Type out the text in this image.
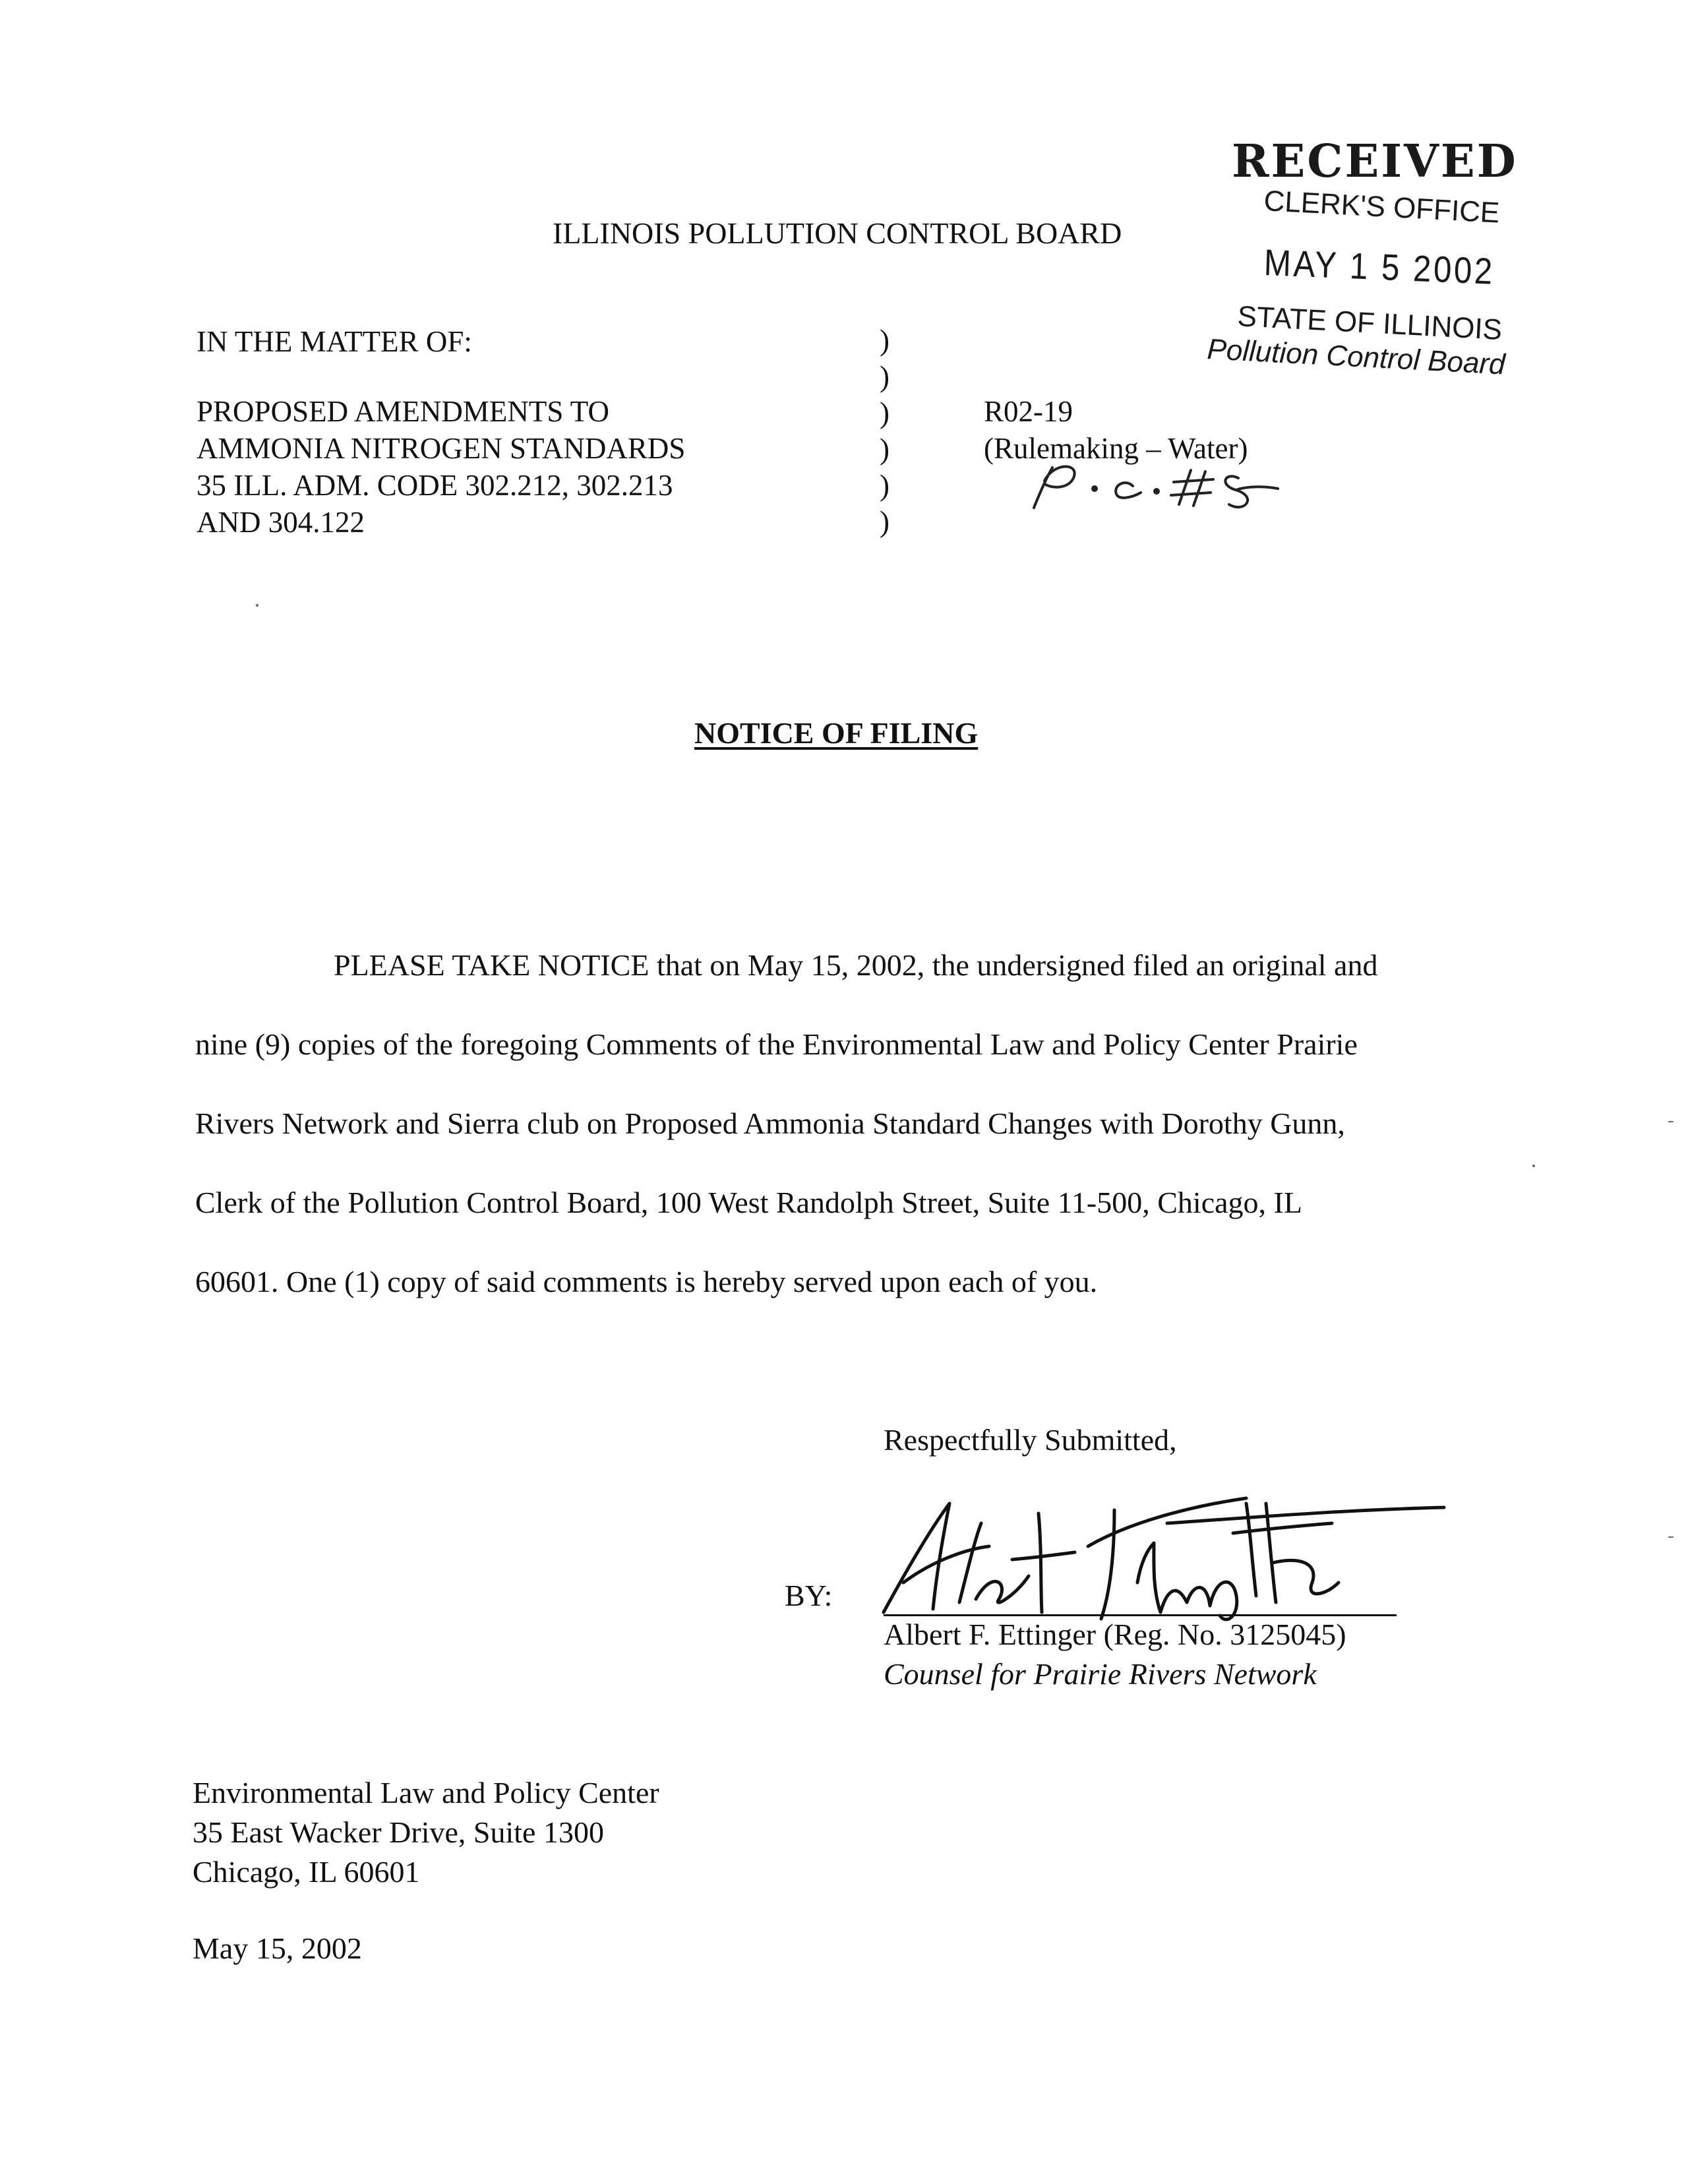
RECEIVED
CLERK'S OFFICE
MAY 1 5 2002
STATE OF ILLINOIS
Pollution Control Board
ILLINOIS POLLUTION CONTROL BOARD
IN THE MATTER OF:
PROPOSED AMENDMENTS TO
AMMONIA NITROGEN STANDARDS
35 ILL. ADM. CODE 302.212, 302.213
AND 304.122
)
)
)
)
)
)
R02-19
(Rulemaking – Water)
NOTICE OF FILING
PLEASE TAKE NOTICE that on May 15, 2002, the undersigned filed an original and
nine (9) copies of the foregoing Comments of the Environmental Law and Policy Center Prairie
Rivers Network and Sierra club on Proposed Ammonia Standard Changes with Dorothy Gunn,
Clerk of the Pollution Control Board, 100 West Randolph Street, Suite 11-500, Chicago, IL
60601. One (1) copy of said comments is hereby served upon each of you.
Respectfully Submitted,
BY:
Albert F. Ettinger (Reg. No. 3125045)
Counsel for Prairie Rivers Network
Environmental Law and Policy Center
35 East Wacker Drive, Suite 1300
Chicago, IL 60601
May 15, 2002
